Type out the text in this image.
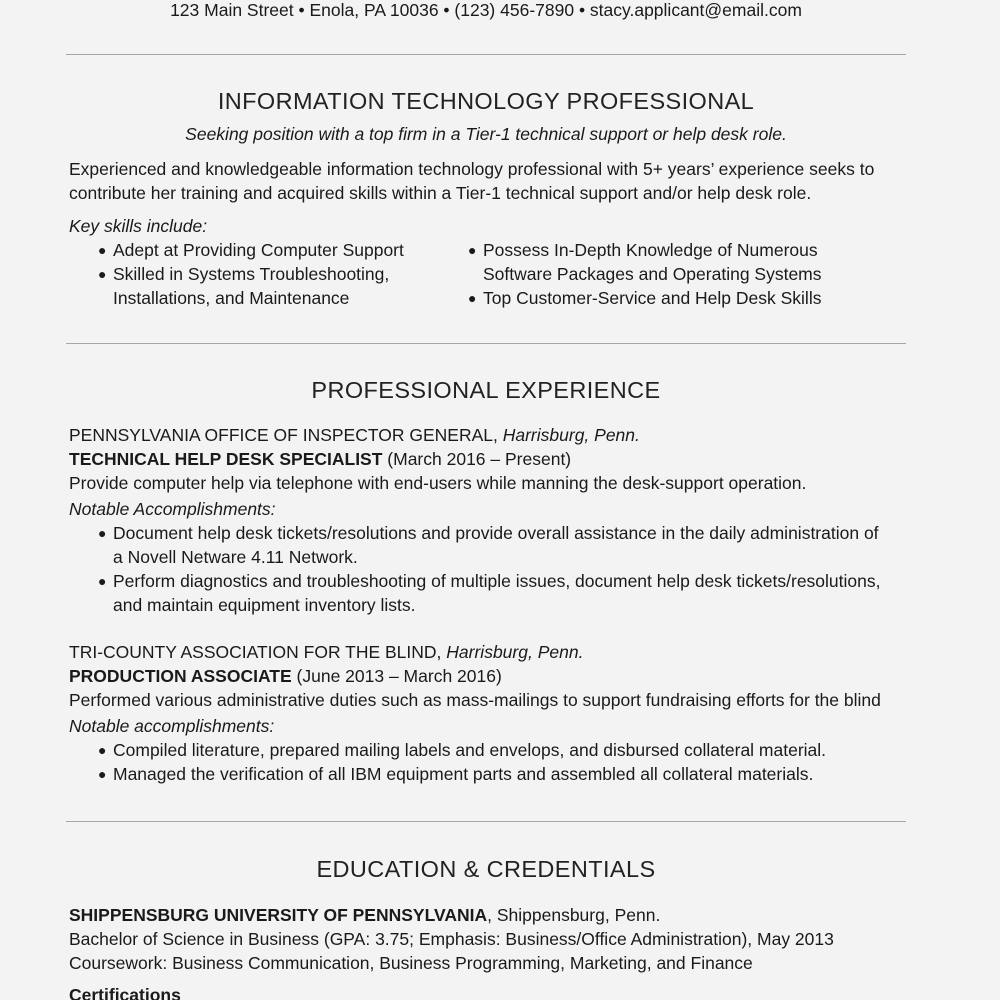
123 Main Street • Enola, PA 10036 • (123) 456-7890 • stacy.applicant@email.com
INFORMATION TECHNOLOGY PROFESSIONAL
Seeking position with a top firm in a Tier-1 technical support or help desk role.
Experienced and knowledgeable information technology professional with 5+ years’ experience seeks to
contribute her training and acquired skills within a Tier-1 technical support and/or help desk role.
Key skills include:
● Adept at Providing Computer Support
● Skilled in Systems Troubleshooting,
Installations, and Maintenance
● Possess In-Depth Knowledge of Numerous
Software Packages and Operating Systems
● Top Customer-Service and Help Desk Skills
PROFESSIONAL EXPERIENCE
PENNSYLVANIA OFFICE OF INSPECTOR GENERAL, Harrisburg, Penn.
TECHNICAL HELP DESK SPECIALIST (March 2016 – Present)
Provide computer help via telephone with end-users while manning the desk-support operation.
Notable Accomplishments:
● Document help desk tickets/resolutions and provide overall assistance in the daily administration of
a Novell Netware 4.11 Network.
● Perform diagnostics and troubleshooting of multiple issues, document help desk tickets/resolutions,
and maintain equipment inventory lists.
TRI-COUNTY ASSOCIATION FOR THE BLIND, Harrisburg, Penn.
PRODUCTION ASSOCIATE (June 2013 – March 2016)
Performed various administrative duties such as mass-mailings to support fundraising efforts for the blind
Notable accomplishments:
● Compiled literature, prepared mailing labels and envelops, and disbursed collateral material.
● Managed the verification of all IBM equipment parts and assembled all collateral materials.
EDUCATION & CREDENTIALS
SHIPPENSBURG UNIVERSITY OF PENNSYLVANIA, Shippensburg, Penn.
Bachelor of Science in Business (GPA: 3.75; Emphasis: Business/Office Administration), May 2013
Coursework: Business Communication, Business Programming, Marketing, and Finance
Certifications
